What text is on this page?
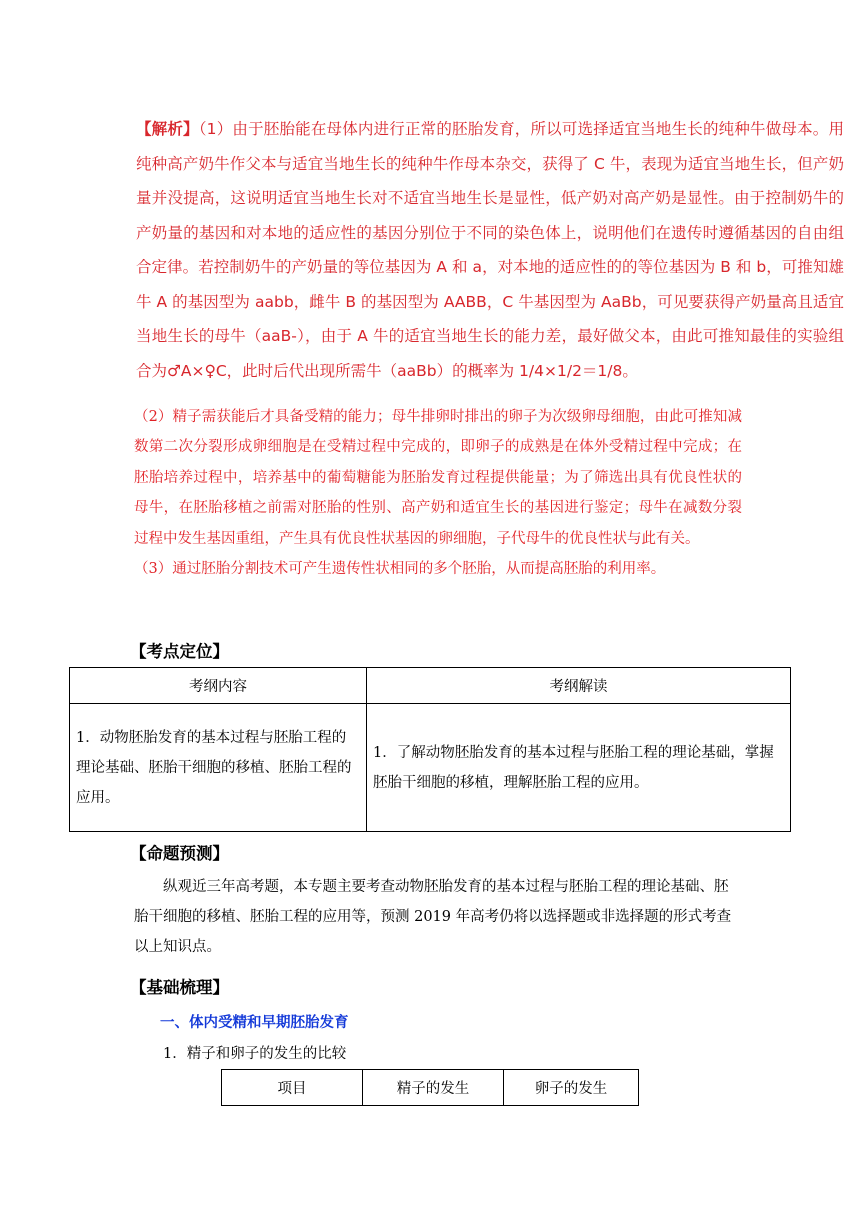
【解析】（1）由于胚胎能在母体内进行正常的胚胎发育，所以可选择适宜当地生长的纯种牛做母本。用纯种高产奶牛作父本与适宜当地生长的纯种牛作母本杂交，获得了 C 牛，表现为适宜当地生长，但产奶量并没提高，这说明适宜当地生长对不适宜当地生长是显性，低产奶对高产奶是显性。由于控制奶牛的产奶量的基因和对本地的适应性的基因分别位于不同的染色体上，说明他们在遗传时遵循基因的自由组合定律。若控制奶牛的产奶量的等位基因为 A 和 a，对本地的适应性的的等位基因为 B 和 b，可推知雄牛 A 的基因型为 aabb，雌牛 B 的基因型为 AABB，C 牛基因型为 AaBb，可见要获得产奶量高且适宜当地生长的母牛（aaB-），由于 A 牛的适宜当地生长的能力差，最好做父本，由此可推知最佳的实验组合为♂A×♀C，此时后代出现所需牛（aaBb）的概率为 1/4×1/2＝1/8。

（2）精子需获能后才具备受精的能力；母牛排卵时排出的卵子为次级卵母细胞，由此可推知减数第二次分裂形成卵细胞是在受精过程中完成的，即卵子的成熟是在体外受精过程中完成；在胚胎培养过程中，培养基中的葡萄糖能为胚胎发育过程提供能量；为了筛选出具有优良性状的母牛，在胚胎移植之前需对胚胎的性别、高产奶和适宜生长的基因进行鉴定；母牛在减数分裂过程中发生基因重组，产生具有优良性状基因的卵细胞，子代母牛的优良性状与此有关。

（3）通过胚胎分割技术可产生遗传性状相同的多个胚胎，从而提高胚胎的利用率。

【考点定位】
考纲内容	考纲解读
1．动物胚胎发育的基本过程与胚胎工程的理论基础、胚胎干细胞的移植、胚胎工程的应用。	1．了解动物胚胎发育的基本过程与胚胎工程的理论基础，掌握胚胎干细胞的移植，理解胚胎工程的应用。
【命题预测】
纵观近三年高考题，本专题主要考查动物胚胎发育的基本过程与胚胎工程的理论基础、胚胎干细胞的移植、胚胎工程的应用等，预测 2019 年高考仍将以选择题或非选择题的形式考查以上知识点。
【基础梳理】
一、体内受精和早期胚胎发育
1．精子和卵子的发生的比较
项目	精子的发生	卵子的发生
